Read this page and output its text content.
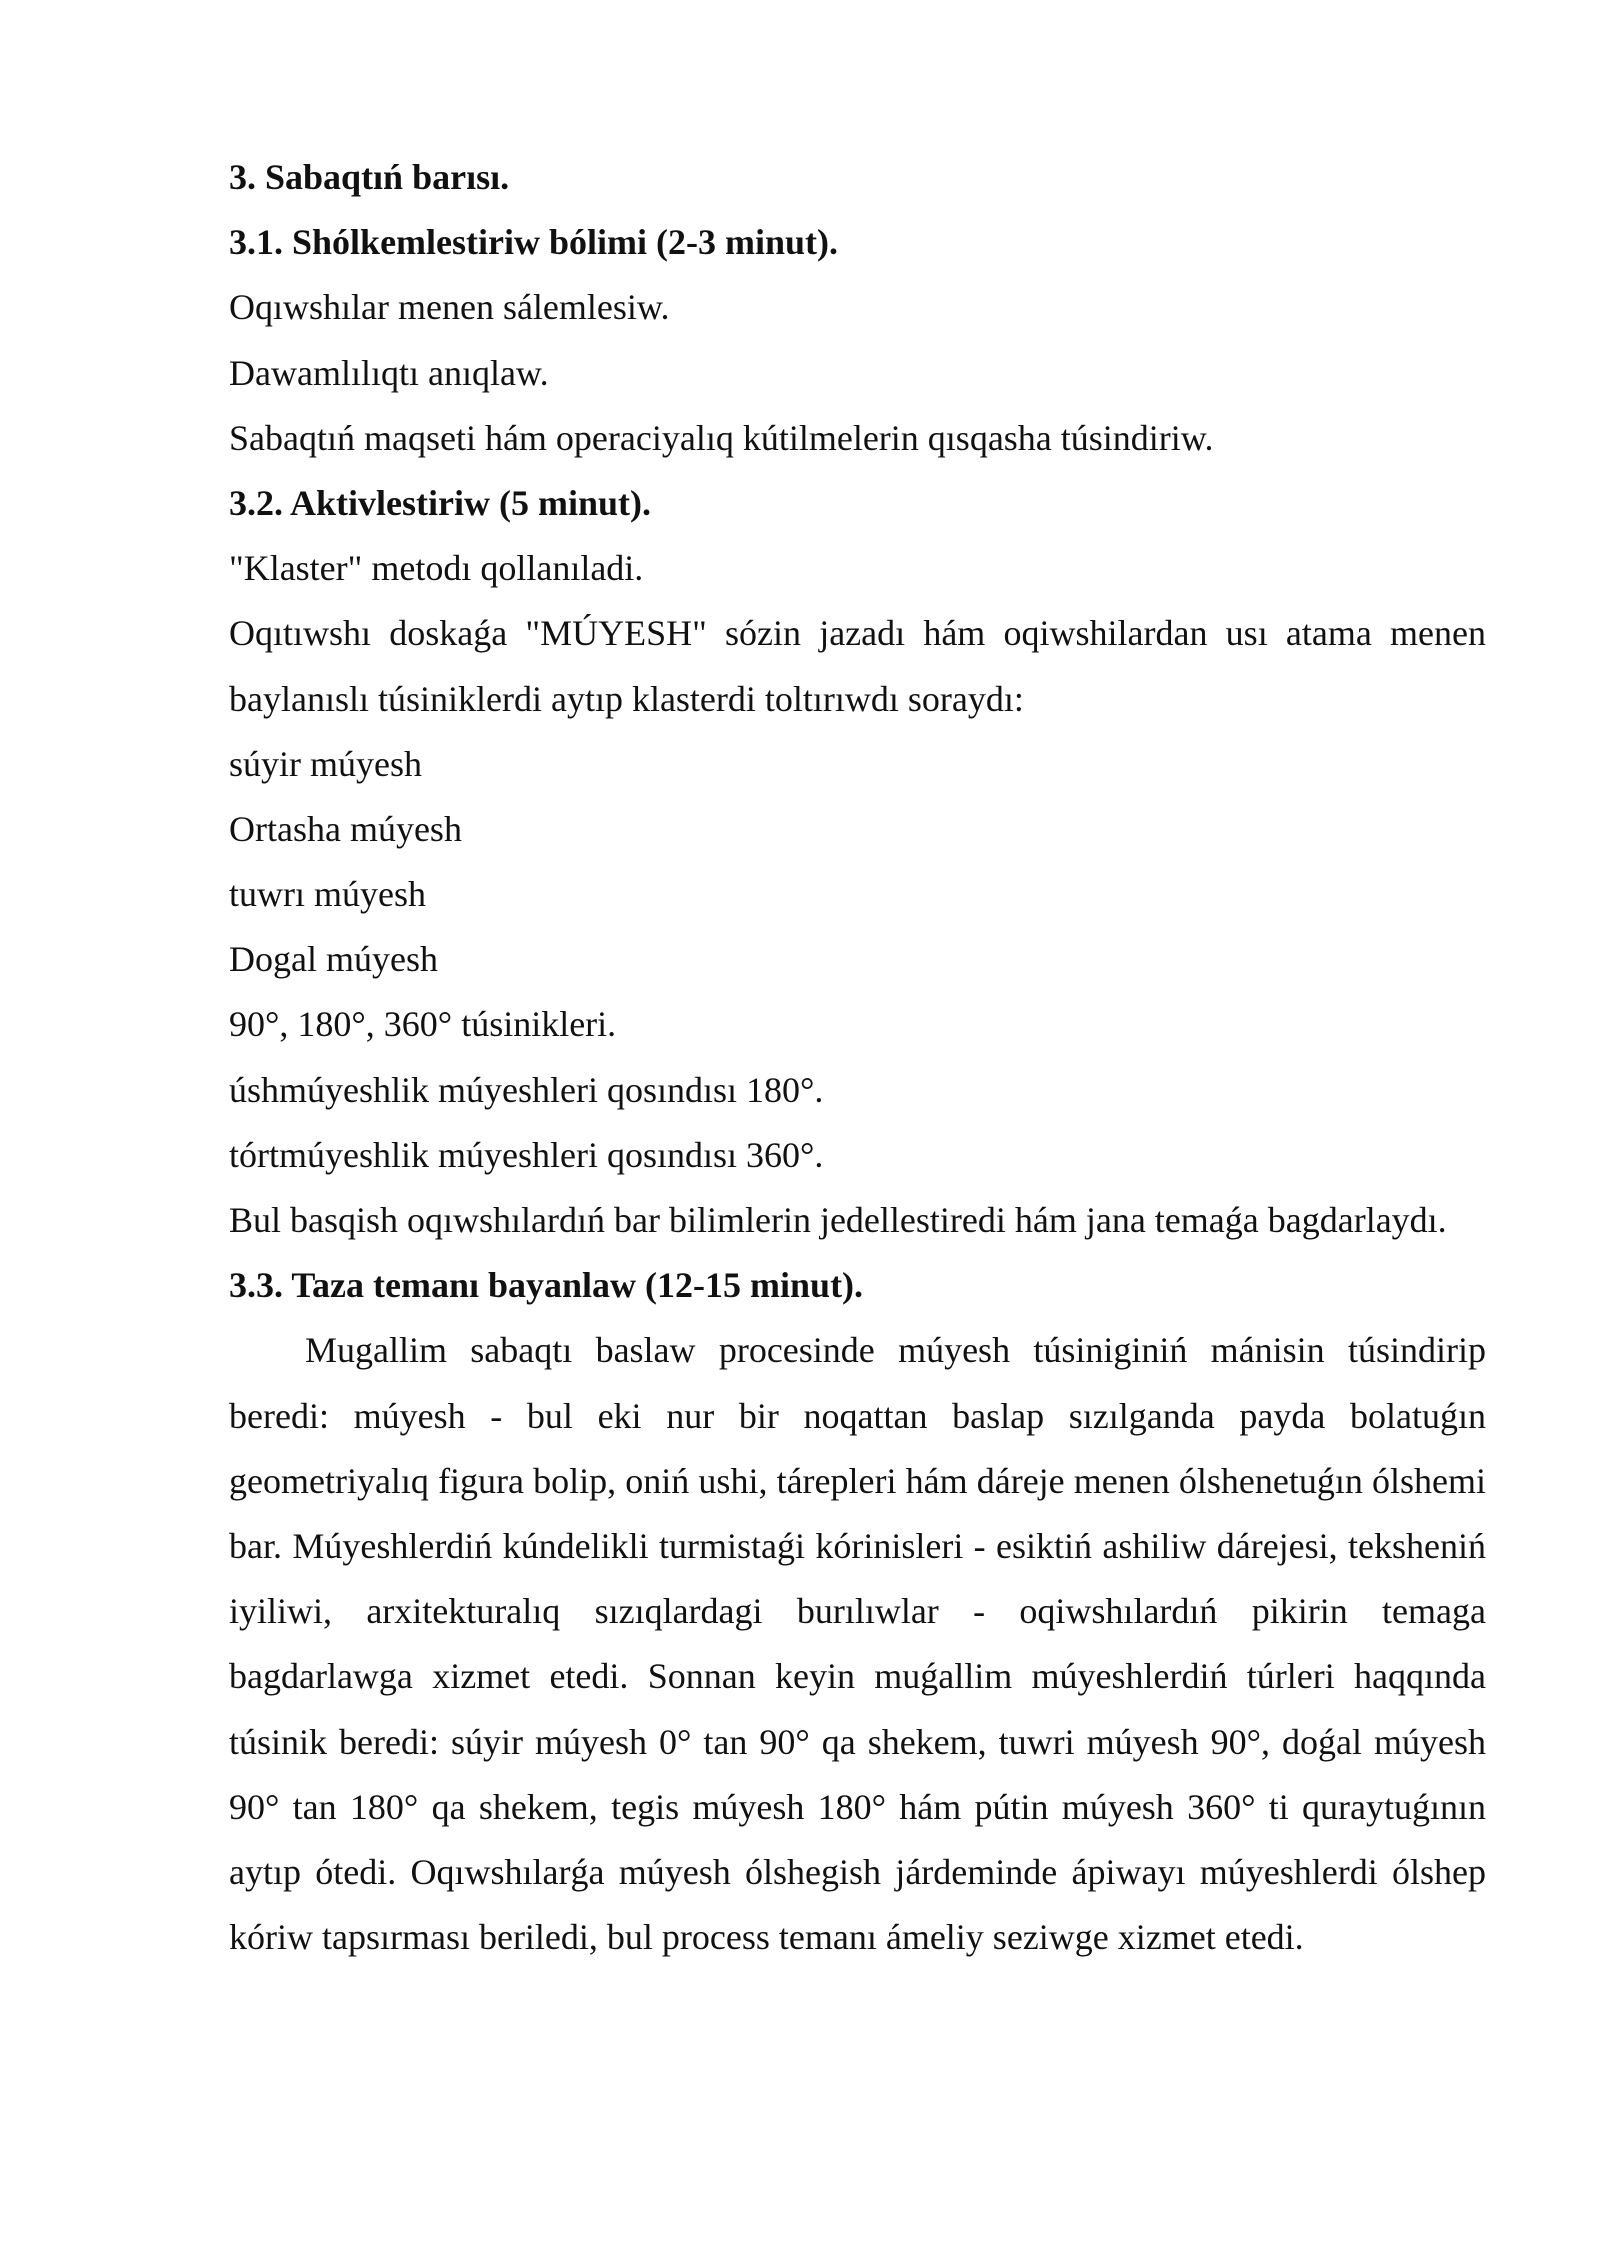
3. Sabaqtıń barısı.
3.1. Shólkemlestiriw bólimi (2-3 minut).
Oqıwshılar menen sálemlesiw.
Dawamlılıqtı anıqlaw.
Sabaqtıń maqseti hám operaciyalıq kútilmelerin qısqasha túsindiriw.
3.2. Aktivlestiriw (5 minut).
"Klaster" metodı qollanıladi.

Oqıtıwshı doskaǵa "MÚYESH" sózin jazadı hám oqiwshilardan usı atama menen baylanıslı túsiniklerdi aytıp klasterdi toltırıwdı soraydı:

súyir múyesh
Ortasha múyesh
tuwrı múyesh
Dogal múyesh
90°, 180°, 360° túsinikleri.
úshmúyeshlik múyeshleri qosındısı 180°.
tórtmúyeshlik múyeshleri qosındısı 360°.
Bul basqish oqıwshılardıń bar bilimlerin jedellestiredi hám jana temaǵa bagdarlaydı.
3.3. Taza temanı bayanlaw (12-15 minut).

Mugallim sabaqtı baslaw procesinde múyesh túsiniginiń mánisin túsindirip beredi: múyesh - bul eki nur bir noqattan baslap sızılganda payda bolatuǵın geometriyalıq figura bolip, oniń ushi, tárepleri hám dáreje menen ólshenetuǵın ólshemi bar. Múyeshlerdiń kúndelikli turmistaǵi kórinisleri - esiktiń ashiliw dárejesi, teksheniń iyiliwi, arxitekturalıq sızıqlardagi burılıwlar - oqiwshılardıń pikirin temaga bagdarlawga xizmet etedi. Sonnan keyin muǵallim múyeshlerdiń túrleri haqqında túsinik beredi: súyir múyesh 0° tan 90° qa shekem, tuwri múyesh 90°, doǵal múyesh 90° tan 180° qa shekem, tegis múyesh 180° hám pútin múyesh 360° ti quraytuǵının aytıp ótedi. Oqıwshılarǵa múyesh ólshegish járdeminde ápiwayı múyeshlerdi ólshep kóriw tapsırması beriledi, bul process temanı ámeliy seziwge xizmet etedi.
